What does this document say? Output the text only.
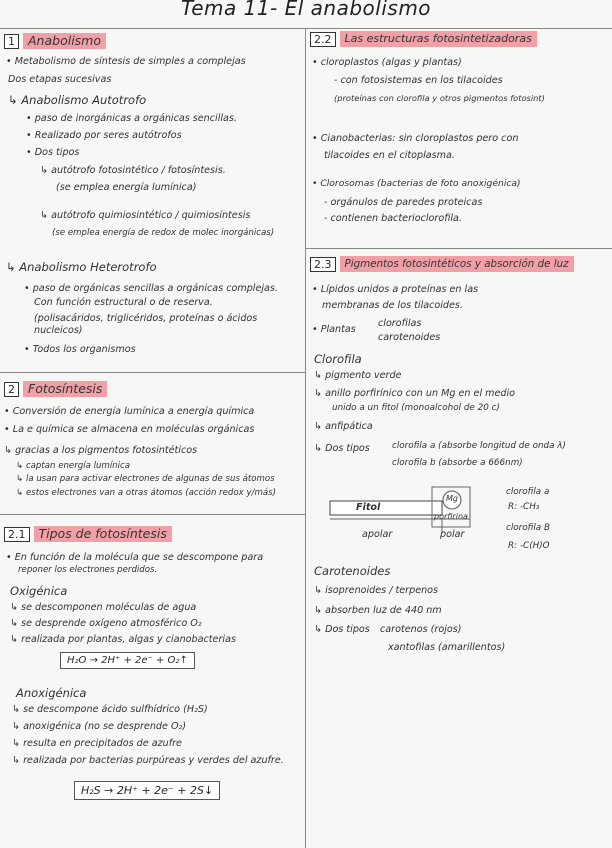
Tema 11- El anabolismo
1	Anabolismo
• Metabolismo de síntesis de simples a complejas
Dos etapas sucesivas
↳ Anabolismo Autotrofo
• paso de inorgánicas a orgánicas sencillas.
• Realizado por seres autótrofos
• Dos tipos
↳ autótrofo fotosintético / fotosíntesis.
(se emplea energía lumínica)
↳ autótrofo quimiosintético / quimiosíntesis
(se emplea energía de redox de molec inorgánicas)
↳ Anabolismo Heterotrofo
• paso de orgánicas sencillas a orgánicas complejas.
Con función estructural o de reserva.
(polisacáridos, triglicéridos, proteínas o ácidos
nucleicos)
• Todos los organismos
2	Fotosíntesis
• Conversión de energía lumínica a energía química
• La e química se almacena en moléculas orgánicas
↳ gracias a los pigmentos fotosintéticos
↳ captan energía lumínica
↳ la usan para activar electrones de algunas de sus átomos
↳ estos electrones van a otras átomos (acción redox y/más)
2.1	Tipos de fotosíntesis
• En función de la molécula que se descompone para
reponer los electrones perdidos.
Oxigénica
↳ se descomponen moléculas de agua
↳ se desprende oxígeno atmosférico O₂
↳ realizada por plantas, algas y cianobacterias
H₂O → 2H⁺ + 2e⁻ + O₂↑
Anoxigénica
↳ se descompone ácido sulfhídrico (H₂S)
↳ anoxigénica (no se desprende O₂)
↳ resulta en precipitados de azufre
↳ realizada por bacterias purpúreas y verdes del azufre.
H₂S → 2H⁺ + 2e⁻ + 2S↓
2.2	Las estructuras fotosintetizadoras
• cloroplastos (algas y plantas)
- con fotosistemas en los tilacoides
(proteínas con clorofila y otros pigmentos fotosint)
• Cianobacterias: sin cloroplastos pero con
tilacoides en el citoplasma.
• Clorosomas (bacterias de foto anoxigénica)
- orgánulos de paredes proteicas
- contienen bacterioclorofila.
2.3	Pigmentos fotosintéticos y absorción de luz
• Lípidos unidos a proteínas en las
membranas de los tilacoides.
• Plantas
clorofilas
carotenoides
Clorofila
↳ pigmento verde
↳ anillo porfirínico con un Mg en el medio
unido a un fitol (monoalcohol de 20 c)
↳ anfipática
↳ Dos tipos	clorofila a (absorbe longitud de onda λ)
clorofila b (absorbe a 666nm)
Fitol
Mg
porfirina
apolar	polar
clorofila a
R: -CH₃
clorofila B
R: -C(H)O
Carotenoides
↳ isoprenoides / terpenos
↳ absorben luz de 440 nm
↳ Dos tipos carotenos (rojos)
xantofilas (amarillentos)
